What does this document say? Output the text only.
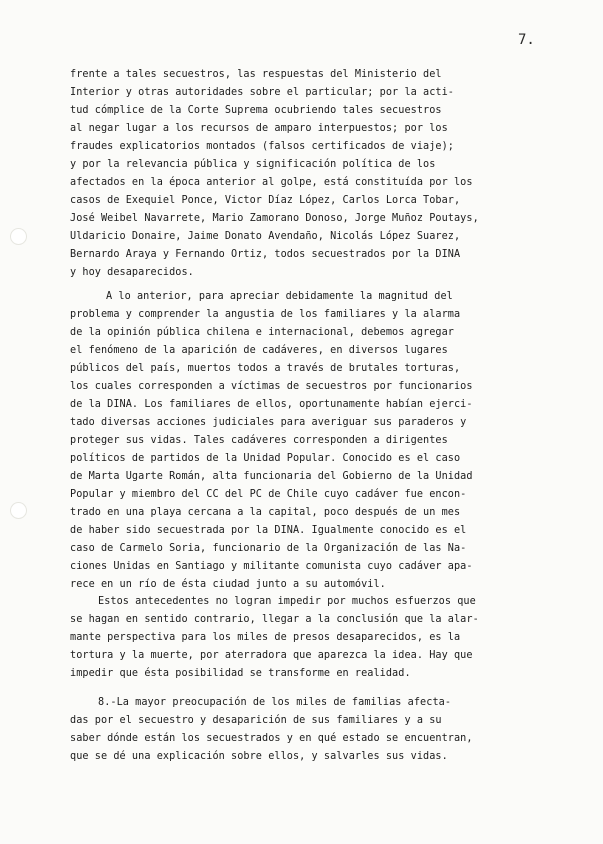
7.
frente a tales secuestros, las respuestas del Ministerio del
Interior y otras autoridades sobre el particular; por la acti-
tud cómplice de la Corte Suprema ocubriendo tales secuestros
al negar lugar a los recursos de amparo interpuestos; por los
fraudes explicatorios montados (falsos certificados de viaje);
y por la relevancia pública y significación política de los
afectados en la época anterior al golpe, está constituída por los
casos de Exequiel Ponce, Victor Díaz López, Carlos Lorca Tobar,
José Weibel Navarrete, Mario Zamorano Donoso, Jorge Muñoz Poutays,
Uldaricio Donaire, Jaime Donato Avendaño, Nicolás López Suarez,
Bernardo Araya y Fernando Ortiz, todos secuestrados por la DINA
y hoy desaparecidos.
A lo anterior, para apreciar debidamente la magnitud del
problema y comprender la angustia de los familiares y la alarma
de la opinión pública chilena e internacional, debemos agregar
el fenómeno de la aparición de cadáveres, en diversos lugares
públicos del país, muertos todos a través de brutales torturas,
los cuales corresponden a víctimas de secuestros por funcionarios
de la DINA. Los familiares de ellos, oportunamente habían ejerci-
tado diversas acciones judiciales para averiguar sus paraderos y
proteger sus vidas. Tales cadáveres corresponden a dirigentes
políticos de partidos de la Unidad Popular. Conocido es el caso
de Marta Ugarte Román, alta funcionaria del Gobierno de la Unidad
Popular y miembro del CC del PC de Chile cuyo cadáver fue encon-
trado en una playa cercana a la capital, poco después de un mes
de haber sido secuestrada por la DINA. Igualmente conocido es el
caso de Carmelo Soria, funcionario de la Organización de las Na-
ciones Unidas en Santiago y militante comunista cuyo cadáver apa-
rece en un río de ésta ciudad junto a su automóvil.
Estos antecedentes no logran impedir por muchos esfuerzos que
se hagan en sentido contrario, llegar a la conclusión que la alar-
mante perspectiva para los miles de presos desaparecidos, es la
tortura y la muerte, por aterradora que aparezca la idea. Hay que
impedir que ésta posibilidad se transforme en realidad.
8.-La mayor preocupación de los miles de familias afecta-
das por el secuestro y desaparición de sus familiares y a su
saber dónde están los secuestrados y en qué estado se encuentran,
que se dé una explicación sobre ellos, y salvarles sus vidas.
